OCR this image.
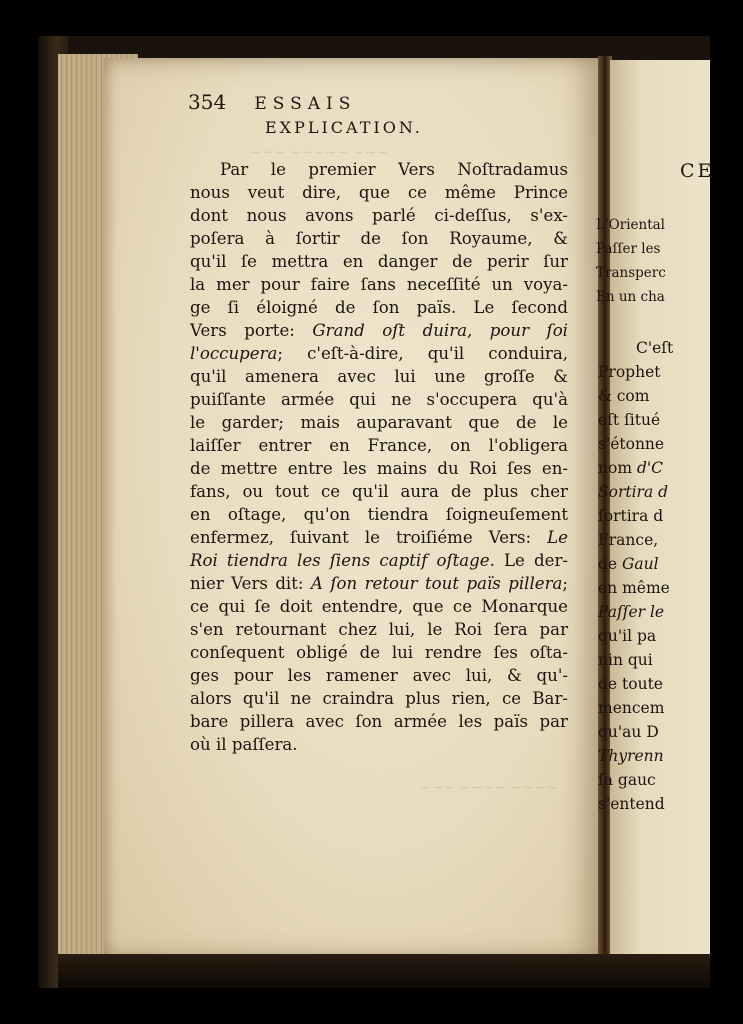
~~~ ~~~~~ ~~~
~~~ ~~~~ ~~~~
354 ESSAIS
EXPLICATION.
Par le premier Vers Noſtradamus
nous veut dire, que ce même Prince
dont nous avons parlé ci-deſſus, s'ex-
poſera à ſortir de ſon Royaume, &
qu'il ſe mettra en danger de perir ſur
la mer pour faire ſans neceſſité un voya-
ge ſi éloigné de ſon païs. Le ſecond
Vers porte: Grand oſt duira, pour ſoi
l'occupera; c'eſt-à-dire, qu'il conduira,
qu'il amenera avec lui une groſſe &
puiſſante armée qui ne s'occupera qu'à
le garder; mais auparavant que de le
laiſſer entrer en France, on l'obligera
de mettre entre les mains du Roi ſes en-
fans, ou tout ce qu'il aura de plus cher
en oſtage, qu'on tiendra ſoigneuſement
enfermez, ſuivant le troiſiéme Vers: Le
Roi tiendra les ſiens captif oſtage. Le der-
nier Vers dit: A ſon retour tout païs pillera;
ce qui ſe doit entendre, que ce Monarque
s'en retournant chez lui, le Roi ſera par
conſequent obligé de lui rendre ſes oſta-
ges pour les ramener avec lui, & qu'-
alors qu'il ne craindra plus rien, ce Bar-
bare pillera avec ſon armée les païs par
où il paſſera.
CE
L'Oriental
Paſſer les
Transperc
En un cha
C'eſt
Prophet
& com
eſt ſitué
s'étonne
nom d'C
Sortira d
ſortira d
France,
de Gaul
en même
Paſſer le
qu'il pa
nin qui
de toute
mencem
qu'au D
Thyrenn
ſa gauc
s'entend
